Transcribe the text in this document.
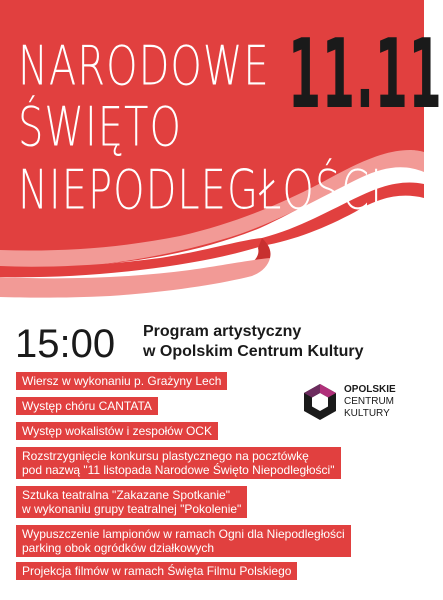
NARODOWE
ŚWIĘTO
NIEPODLEGŁOŚCI
11.11
15:00 Program artystyczny
w Opolskim Centrum Kultury
Wiersz w wykonaniu p. Grażyny Lech
Występ chóru CANTATA
Występ wokalistów i zespołów OCK
Rozstrzygnięcie konkursu plastycznego na pocztówkę
pod nazwą "11 listopada Narodowe Święto Niepodległości"
Sztuka teatralna "Zakazane Spotkanie"
w wykonaniu grupy teatralnej "Pokolenie"
Wypuszczenie lampionów w ramach Ogni dla Niepodległości
parking obok ogródków działkowych
Projekcja filmów w ramach Święta Filmu Polskiego
OPOLSKIE
CENTRUM
KULTURY
